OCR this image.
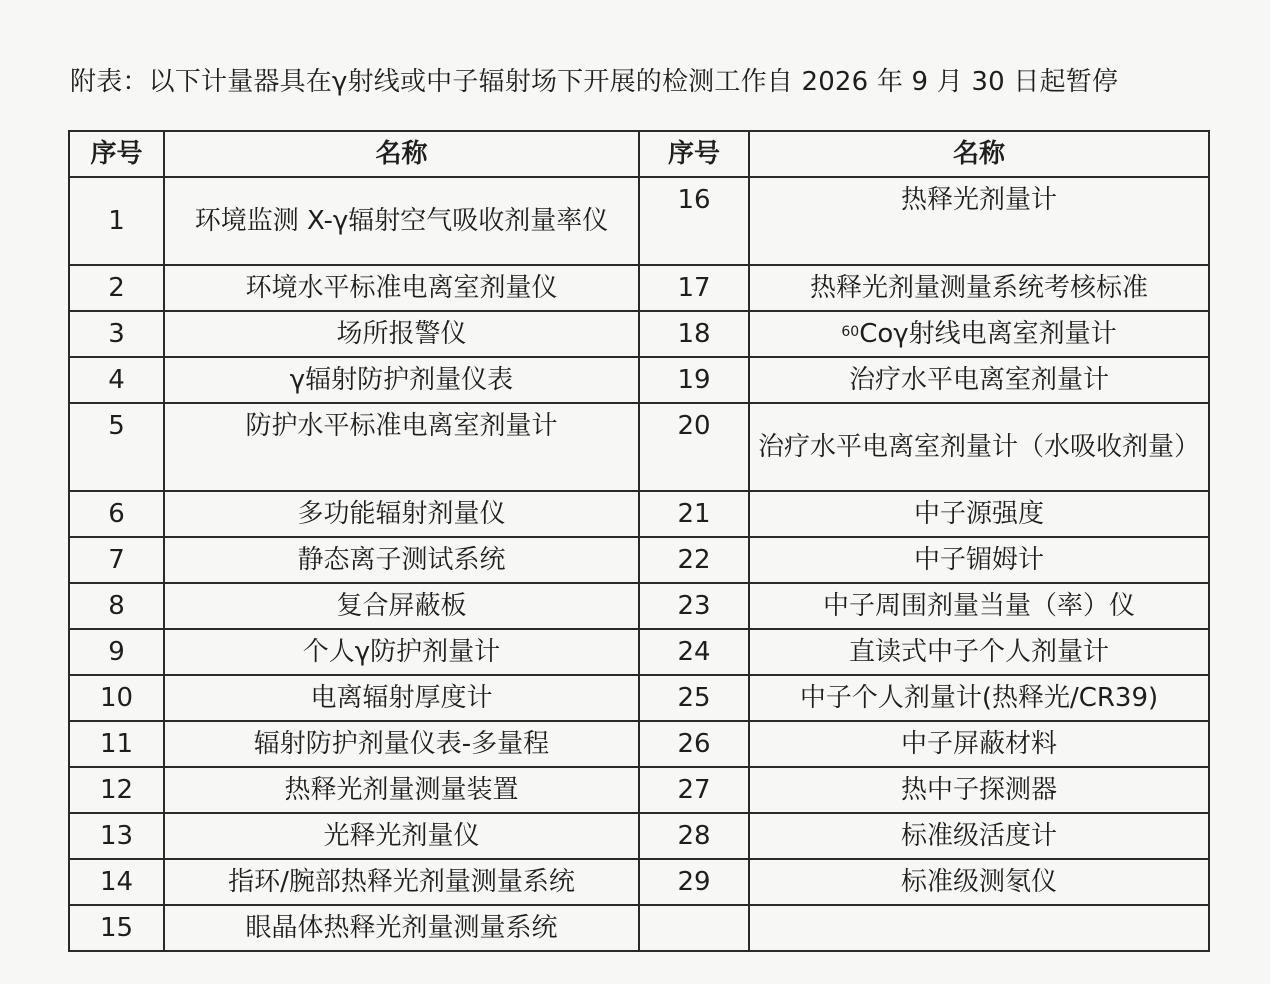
附表：以下计量器具在γ射线或中子辐射场下开展的检测工作自 2026 年 9 月 30 日起暂停
序号	名称	序号	名称
1	环境监测 X-γ辐射空气吸收剂量率仪	16	热释光剂量计
2	环境水平标准电离室剂量仪	17	热释光剂量测量系统考核标准
3	场所报警仪	18	$^{60}$Coγ射线电离室剂量计
4	γ辐射防护剂量仪表	19	治疗水平电离室剂量计
5	防护水平标准电离室剂量计	20	治疗水平电离室剂量计（水吸收剂量）
6	多功能辐射剂量仪	21	中子源强度
7	静态离子测试系统	22	中子镅姆计
8	复合屏蔽板	23	中子周围剂量当量（率）仪
9	个人γ防护剂量计	24	直读式中子个人剂量计
10	电离辐射厚度计	25	中子个人剂量计(热释光/CR39)
11	辐射防护剂量仪表-多量程	26	中子屏蔽材料
12	热释光剂量测量装置	27	热中子探测器
13	光释光剂量仪	28	标准级活度计
14	指环/腕部热释光剂量测量系统	29	标准级测氡仪
15	眼晶体热释光剂量测量系统		
